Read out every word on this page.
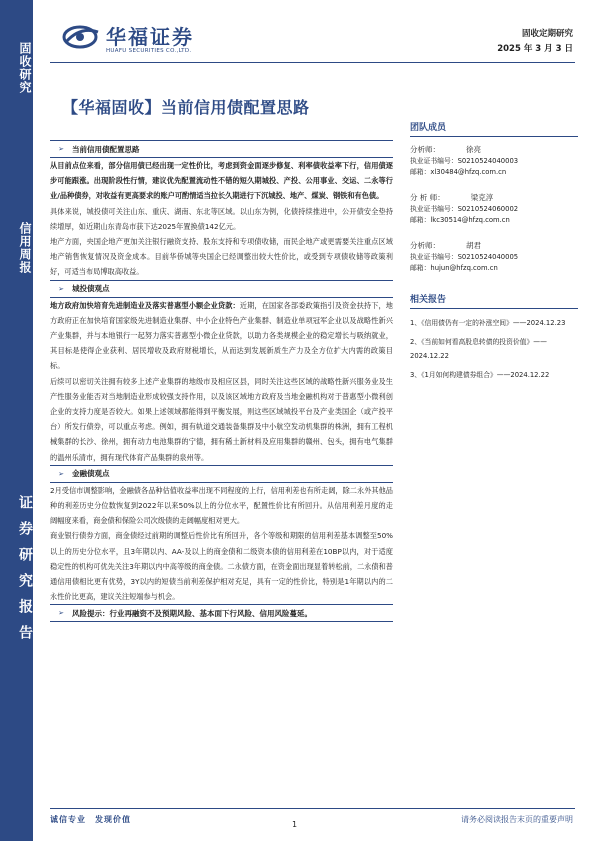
固收研究
信用周报
证券研究报告
华福证券
HUAFU SECURITIES CO.,LTD.
固收定期研究
2025 年 3 月 3 日
【华福固收】当前信用债配置思路
➢	当前信用债配置思路

从目前点位来看，部分信用债已经出现一定性价比，考虑到资金面逐步修复、利率债收益率下行，信用债逐步可能跟涨。出现阶段性行情，建议优先配置流动性不错的短久期城投、产投、公用事业、交运、二永等行业/品种债券，对收益有更高要求的账户可酌情适当拉长久期进行下沉城投、地产、煤炭、钢铁和有色债。

具体来说，城投债可关注山东、重庆、湖南、东北等区域。以山东为例，化债持续推进中，公开债安全垫持续增厚，如近期山东青岛市获下达2025年置换债142亿元。

地产方面，央国企地产更加关注银行融资支持、股东支持和专项债收储，而民企地产或更需要关注重点区域地产销售恢复情况及资金成本。目前华侨城等央国企已经调整出较大性价比，或受到专项债收储等政策利好，可适当布局博取高收益。

➢	城投债观点

地方政府加快培育先进制造业及落实普惠型小额企业贷款：近期，在国家各部委政策指引及资金扶持下，地方政府正在加快培育国家级先进制造业集群、中小企业特色产业集群、制造业单项冠军企业以及战略性新兴产业集群，并与本地银行一起努力落实普惠型小微企业贷款，以助力各类规模企业的稳定增长与吸纳就业，其目标是使得企业获利、居民增收及政府财税增长，从而达到发展新质生产力及全方位扩大内需的政策目标。

后续可以密切关注拥有较多上述产业集群的地级市及相应区县，同时关注这些区域的战略性新兴服务业及生产性服务业能否对当地制造业形成较强支持作用，以及该区域地方政府及当地金融机构对于普惠型小微利创企业的支持力度是否较大。如果上述领域都能得到平衡发展，则这些区域城投平台及产业类国企（或产投平台）所发行债券，可以重点考虑。例如，拥有轨道交通装备集群及中小航空发动机集群的株洲，拥有工程机械集群的长沙、徐州，拥有动力电池集群的宁德，拥有稀土新材料及应用集群的赣州、包头，拥有电气集群的温州乐清市，拥有现代体育产品集群的泉州等。

➢	金融债观点

2月受信市调整影响，金融债各品种估值收益率出现不同程度的上行，信用利差也有所走阔，除二永外其他品种的利差历史分位数恢复到2022年以来50%以上的分位水平，配置性价比有所回升。从信用利差月度的走阔幅度来看，商金债和保险公司次级债的走阔幅度相对更大。

商业银行债券方面，商金债经过前期的调整后性价比有所回升，各个等级和期限的信用利差基本调整至50%以上的历史分位水平，且3年期以内、AA-及以上的商金债和二级资本债的信用利差在10BP以内，对于适度稳定性的机构可优先关注3年期以内中高等级的商金债。二永债方面，在资金面出现显着转松前，二永债和普通信用债相比更有优势，3Y以内的短债当前利差保护相对充足，具有一定的性价比，特别是1年期以内的二永性价比更高，建议关注短端参与机会。

➢	风险提示：行业再融资不及预期风险、基本面下行风险、信用风险蔓延。
团队成员
分析师：	徐亮
执业证书编号：S0210524040003
邮箱：xl30484@hfzq.com.cn
分 析 师：	梁克淳
执业证书编号：S0210524060002
邮箱：lkc30514@hfzq.com.cn
分析师：	胡君
执业证书编号：S0210524040005
邮箱：hujun@hfzq.com.cn
相关报告
1、《信用债仍有一定的补涨空间》——2024.12.23
2、《当前如何看高股息转债的投资价值》——2024.12.22
3、《1月如何构建债券组合》——2024.12.22
诚信专业　发现价值
1
请务必阅读报告末页的重要声明
